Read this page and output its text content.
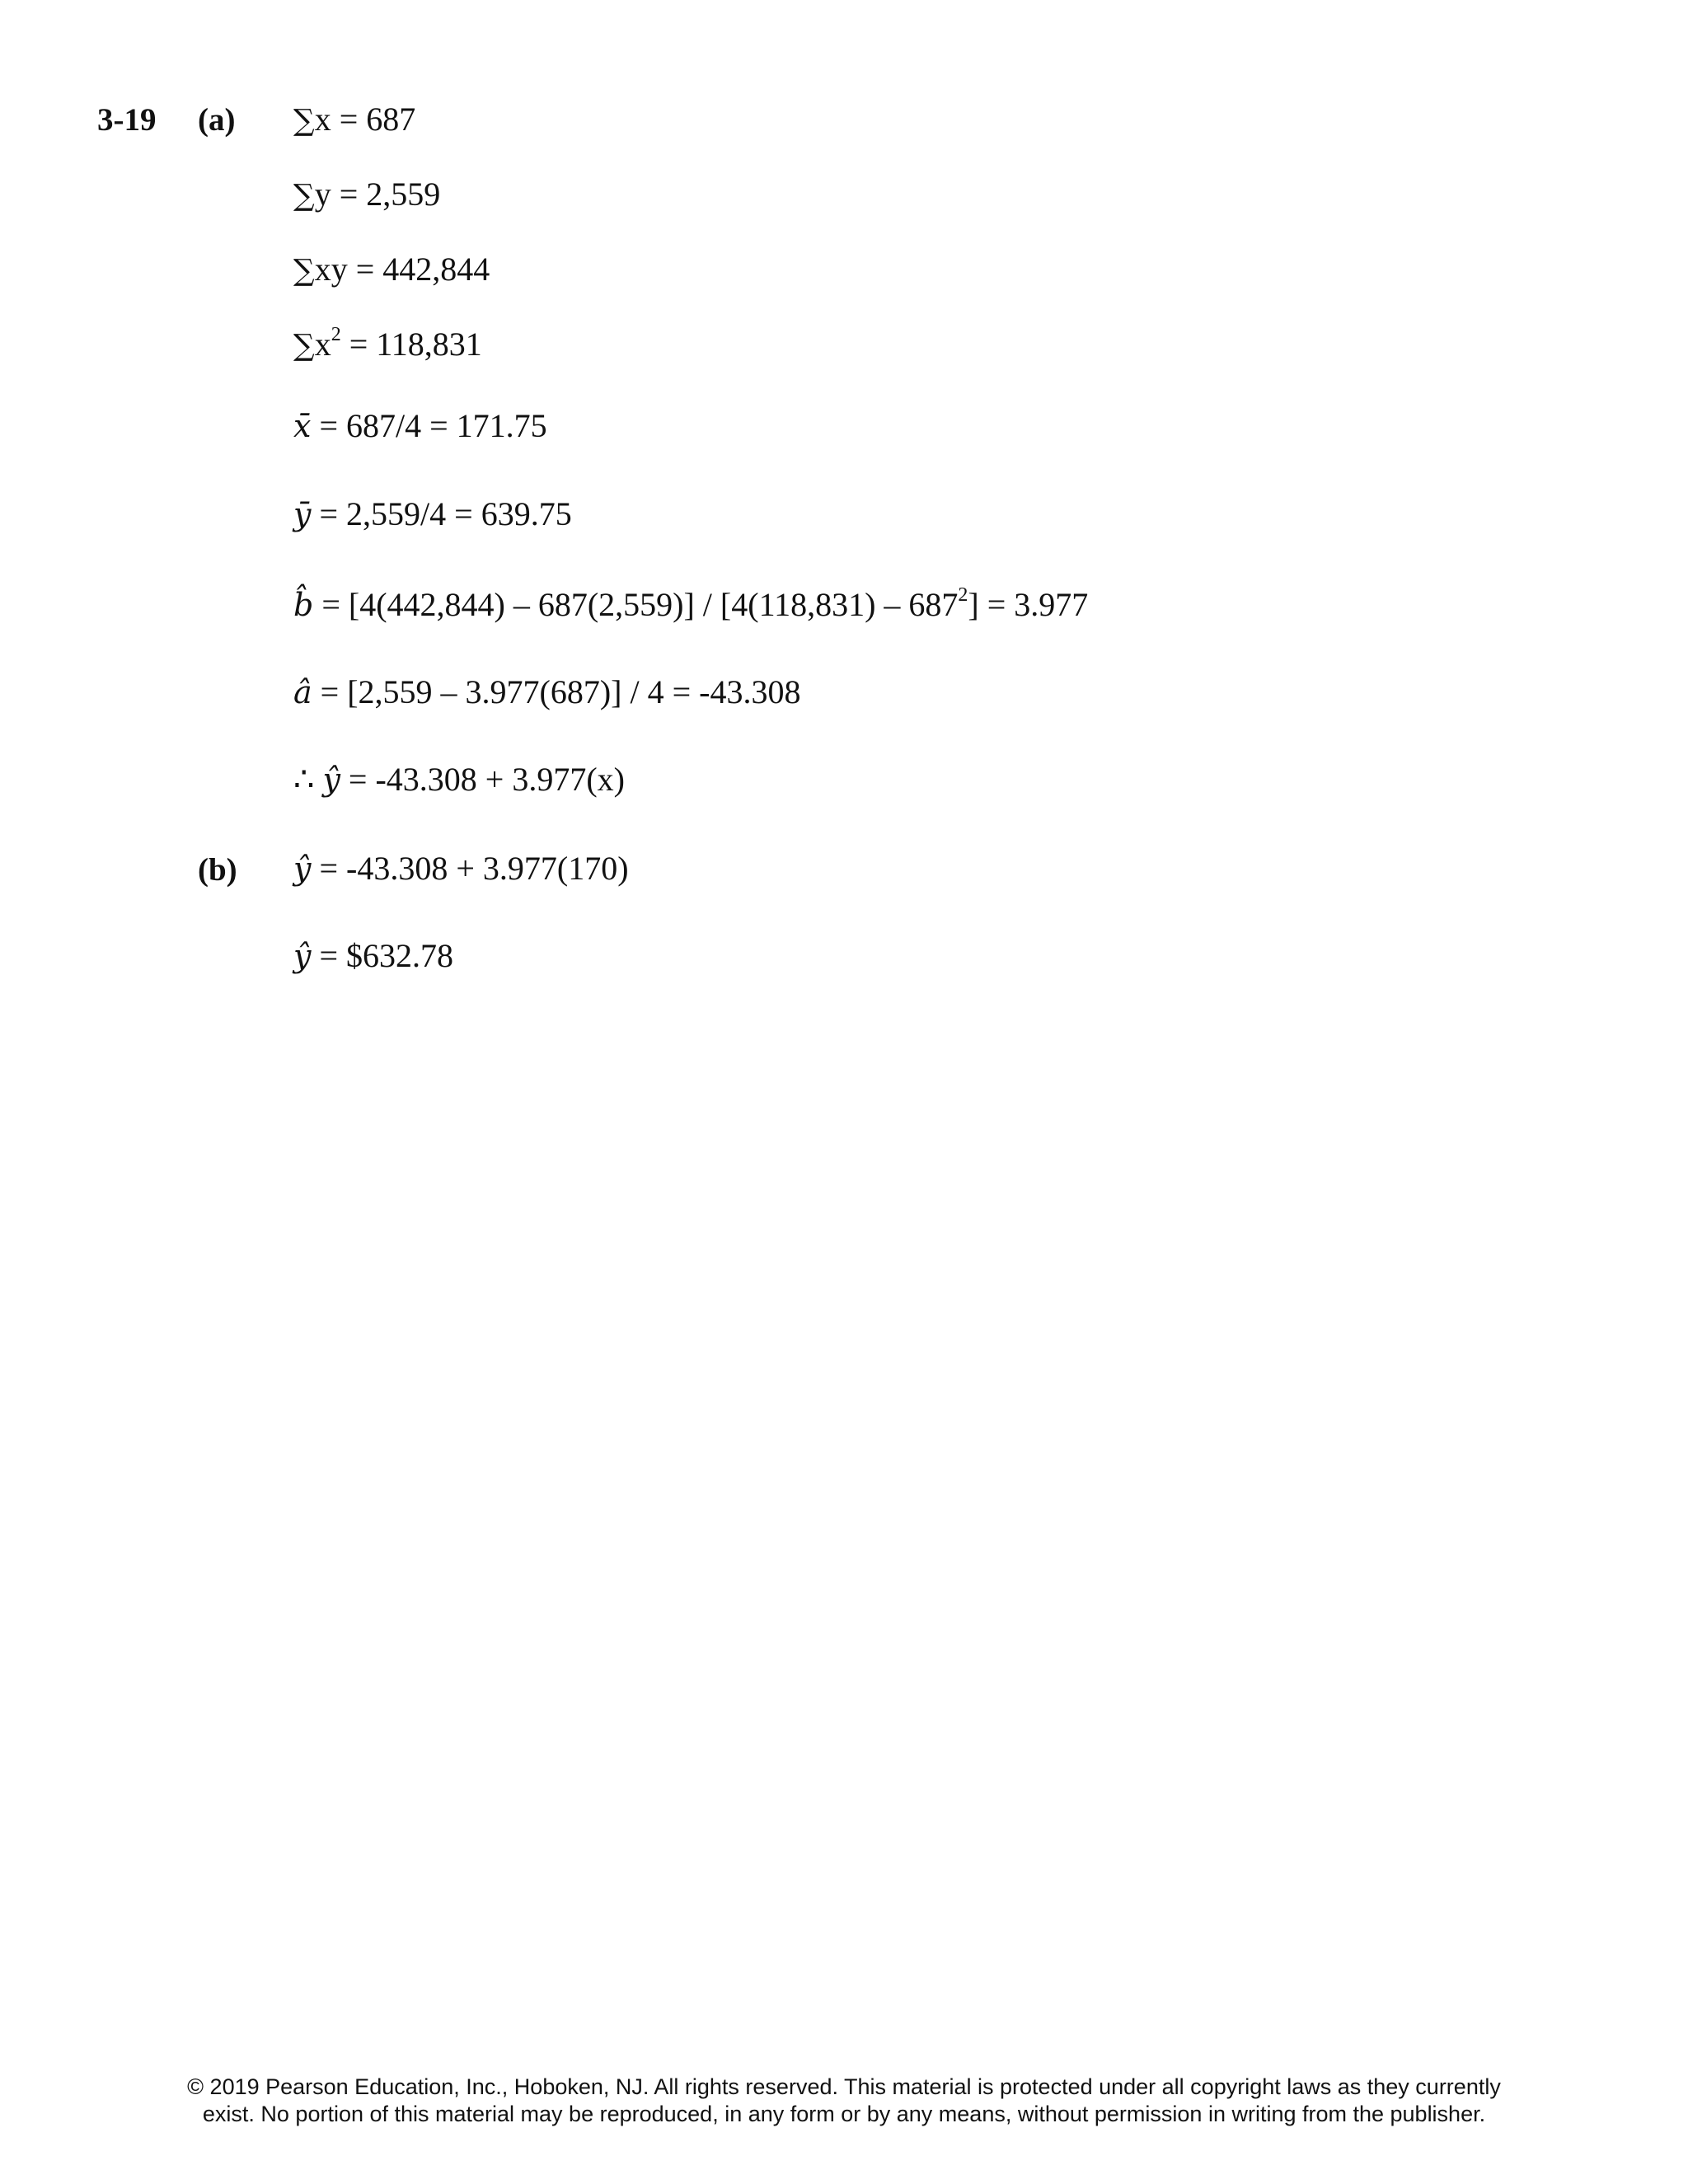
3-19 (a)
(b)
∑x = 687
∑y = 2,559
∑xy = 442,844
$\sum x^2 = 118,831$
x̄ = 687/4 = 171.75
ȳ = 2,559/4 = 639.75
b̂ = $[4(442,844) - 687(2,559)] / [4(118,831) - 687^2] = 3.977$
â = [2,559 – 3.977(687)] / 4 = -43.308
∴ ŷ = -43.308 + 3.977(x)
ŷ = -43.308 + 3.977(170)
ŷ = $632.78
© 2019 Pearson Education, Inc., Hoboken, NJ. All rights reserved. This material is protected under all copyright laws as they currently
exist. No portion of this material may be reproduced, in any form or by any means, without permission in writing from the publisher.
